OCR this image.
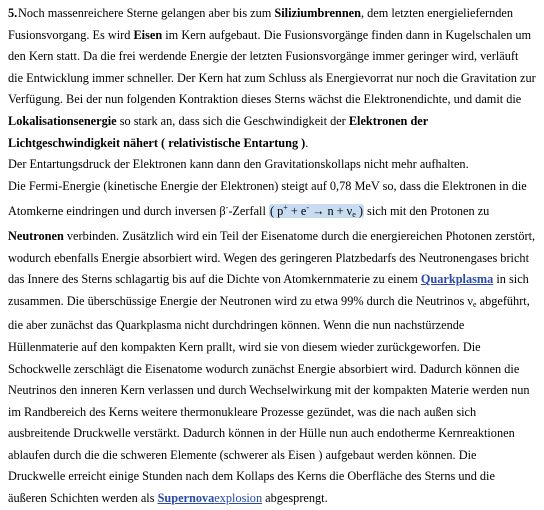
5.Noch massenreichere Sterne gelangen aber bis zum Siliziumbrennen, dem letzten energieliefernden Fusionsvorgang. Es wird Eisen im Kern aufgebaut. Die Fusionsvorgänge finden dann in Kugelschalen um den Kern statt. Da die frei werdende Energie der letzten Fusionsvorgänge immer geringer wird, verläuft die Entwicklung immer schneller. Der Kern hat zum Schluss als Energievorrat nur noch die Gravitation zur Verfügung. Bei der nun folgenden Kontraktion dieses Sterns wächst die Elektronendichte, und damit die Lokalisationsenergie so stark an, dass sich die Geschwindigkeit der Elektronen der Lichtgeschwindigkeit nähert ( relativistische Entartung ).

Der Entartungsdruck der Elektronen kann dann den Gravitationskollaps nicht mehr aufhalten.
Die Fermi-Energie (kinetische Energie der Elektronen) steigt auf 0,78 MeV so, dass die Elektronen in die Atomkerne eindringen und durch inversen β--Zerfall ( $p^+ + e^- \to n + \nu_e$ ) sich mit den Protonen zu Neutronen verbinden. Zusätzlich wird ein Teil der Eisenatome durch die energiereichen Photonen zerstört, wodurch ebenfalls Energie absorbiert wird. Wegen des geringeren Platzbedarfs des Neutronengases bricht das Innere des Sterns schlagartig bis auf die Dichte von Atomkernmaterie zu einem Quarkplasma in sich zusammen. Die überschüssige Energie der Neutronen wird zu etwa 99% durch die Neutrinos $\nu_e$ abgeführt, die aber zunächst das Quarkplasma nicht durchdringen können. Wenn die nun nachstürzende Hüllenmaterie auf den kompakten Kern prallt, wird sie von diesem wieder zurückgeworfen. Die Schockwelle zerschlägt die Eisenatome wodurch zunächst Energie absorbiert wird. Dadurch können die Neutrinos den inneren Kern verlassen und durch Wechselwirkung mit der kompakten Materie werden nun im Randbereich des Kerns weitere thermonukleare Prozesse gezündet, was die nach außen sich ausbreitende Druckwelle verstärkt. Dadurch können in der Hülle nun auch endotherme Kernreaktionen ablaufen durch die die schweren Elemente (schwerer als Eisen ) aufgebaut werden können. Die Druckwelle erreicht einige Stunden nach dem Kollaps des Kerns die Oberfläche des Sterns und die äußeren Schichten werden als Supernovaexplosion abgesprengt.
